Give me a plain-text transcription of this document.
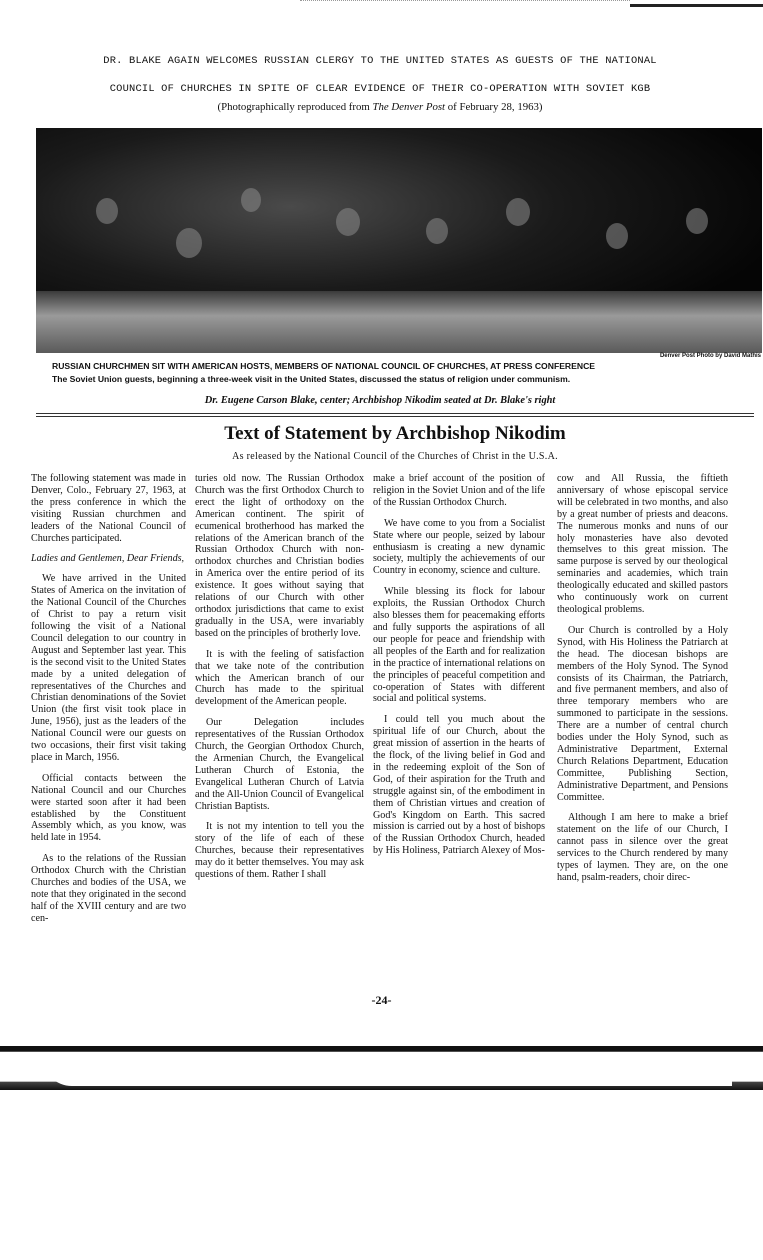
DR. BLAKE AGAIN WELCOMES RUSSIAN CLERGY TO THE UNITED STATES AS GUESTS OF THE NATIONAL
COUNCIL OF CHURCHES IN SPITE OF CLEAR EVIDENCE OF THEIR CO-OPERATION WITH SOVIET KGB
(Photographically reproduced from The Denver Post of February 28, 1963)
Denver Post Photo by David Mathis
RUSSIAN CHURCHMEN SIT WITH AMERICAN HOSTS, MEMBERS OF NATIONAL COUNCIL OF CHURCHES, AT PRESS CONFERENCE
The Soviet Union guests, beginning a three-week visit in the United States, discussed the status of religion under communism.
Dr. Eugene Carson Blake, center; Archbishop Nikodim seated at Dr. Blake's right
Text of Statement by Archbishop Nikodim
As released by the National Council of the Churches of Christ in the U.S.A.

The following statement was made in Denver, Colo., February 27, 1963, at the press conference in which the visiting Russian churchmen and leaders of the National Council of Churches participated.

Ladies and Gentlemen, Dear Friends,

We have arrived in the United States of America on the invitation of the National Council of the Churches of Christ to pay a return visit following the visit of a National Council delegation to our country in August and September last year. This is the second visit to the United States made by a united delegation of representatives of the Churches and Christian denominations of the Soviet Union (the first visit took place in June, 1956), just as the leaders of the National Council were our guests on two occasions, their first visit taking place in March, 1956.

Official contacts between the National Council and our Churches were started soon after it had been established by the Constituent Assembly which, as you know, was held late in 1954.

As to the relations of the Russian Orthodox Church with the Christian Churches and bodies of the USA, we note that they originated in the second half of the XVIII century and are two cen-

turies old now. The Russian Orthodox Church was the first Orthodox Church to erect the light of orthodoxy on the American continent. The spirit of ecumenical brotherhood has marked the relations of the American branch of the Russian Orthodox Church with non-orthodox churches and Christian bodies in America over the entire period of its existence. It goes without saying that relations of our Church with other orthodox jurisdictions that came to exist gradually in the USA, were invariably based on the principles of brotherly love.

It is with the feeling of satisfaction that we take note of the contribution which the American branch of our Church has made to the spiritual development of the American people.

Our Delegation includes representatives of the Russian Orthodox Church, the Georgian Orthodox Church, the Armenian Church, the Evangelical Lutheran Church of Estonia, the Evangelical Lutheran Church of Latvia and the All-Union Council of Evangelical Christian Baptists.

It is not my intention to tell you the story of the life of each of these Churches, because their representatives may do it better themselves. You may ask questions of them. Rather I shall

make a brief account of the position of religion in the Soviet Union and of the life of the Russian Orthodox Church.

We have come to you from a Socialist State where our people, seized by labour enthusiasm is creating a new dynamic society, multiply the achievements of our Country in economy, science and culture.

While blessing its flock for labour exploits, the Russian Orthodox Church also blesses them for peacemaking efforts and fully supports the aspirations of all our people for peace and friendship with all peoples of the Earth and for realization in the practice of international relations on the principles of peaceful competition and co-operation of States with different social and political systems.

I could tell you much about the spiritual life of our Church, about the great mission of assertion in the hearts of the flock, of the living belief in God and in the redeeming exploit of the Son of God, of their aspiration for the Truth and struggle against sin, of the embodiment in them of Christian virtues and creation of God's Kingdom on Earth. This sacred mission is carried out by a host of bishops of the Russian Orthodox Church, headed by His Holiness, Patriarch Alexey of Mos-

cow and All Russia, the fiftieth anniversary of whose episcopal service will be celebrated in two months, and also by a great number of priests and deacons. The numerous monks and nuns of our holy monasteries have also devoted themselves to this great mission. The same purpose is served by our theological seminaries and academies, which train theologically educated and skilled pastors who continuously work on current theological problems.

Our Church is controlled by a Holy Synod, with His Holiness the Patriarch at the head. The diocesan bishops are members of the Holy Synod. The Synod consists of its Chairman, the Patriarch, and five permanent members, and also of three temporary members who are summoned to participate in the sessions. There are a number of central church bodies under the Holy Synod, such as Administrative Department, External Church Relations Department, Education Committee, Publishing Section, Administrative Department, and Pensions Committee.

Although I am here to make a brief statement on the life of our Church, I cannot pass in silence over the great services to the Church rendered by many types of laymen. They are, on the one hand, psalm-readers, choir direc-

-24-
